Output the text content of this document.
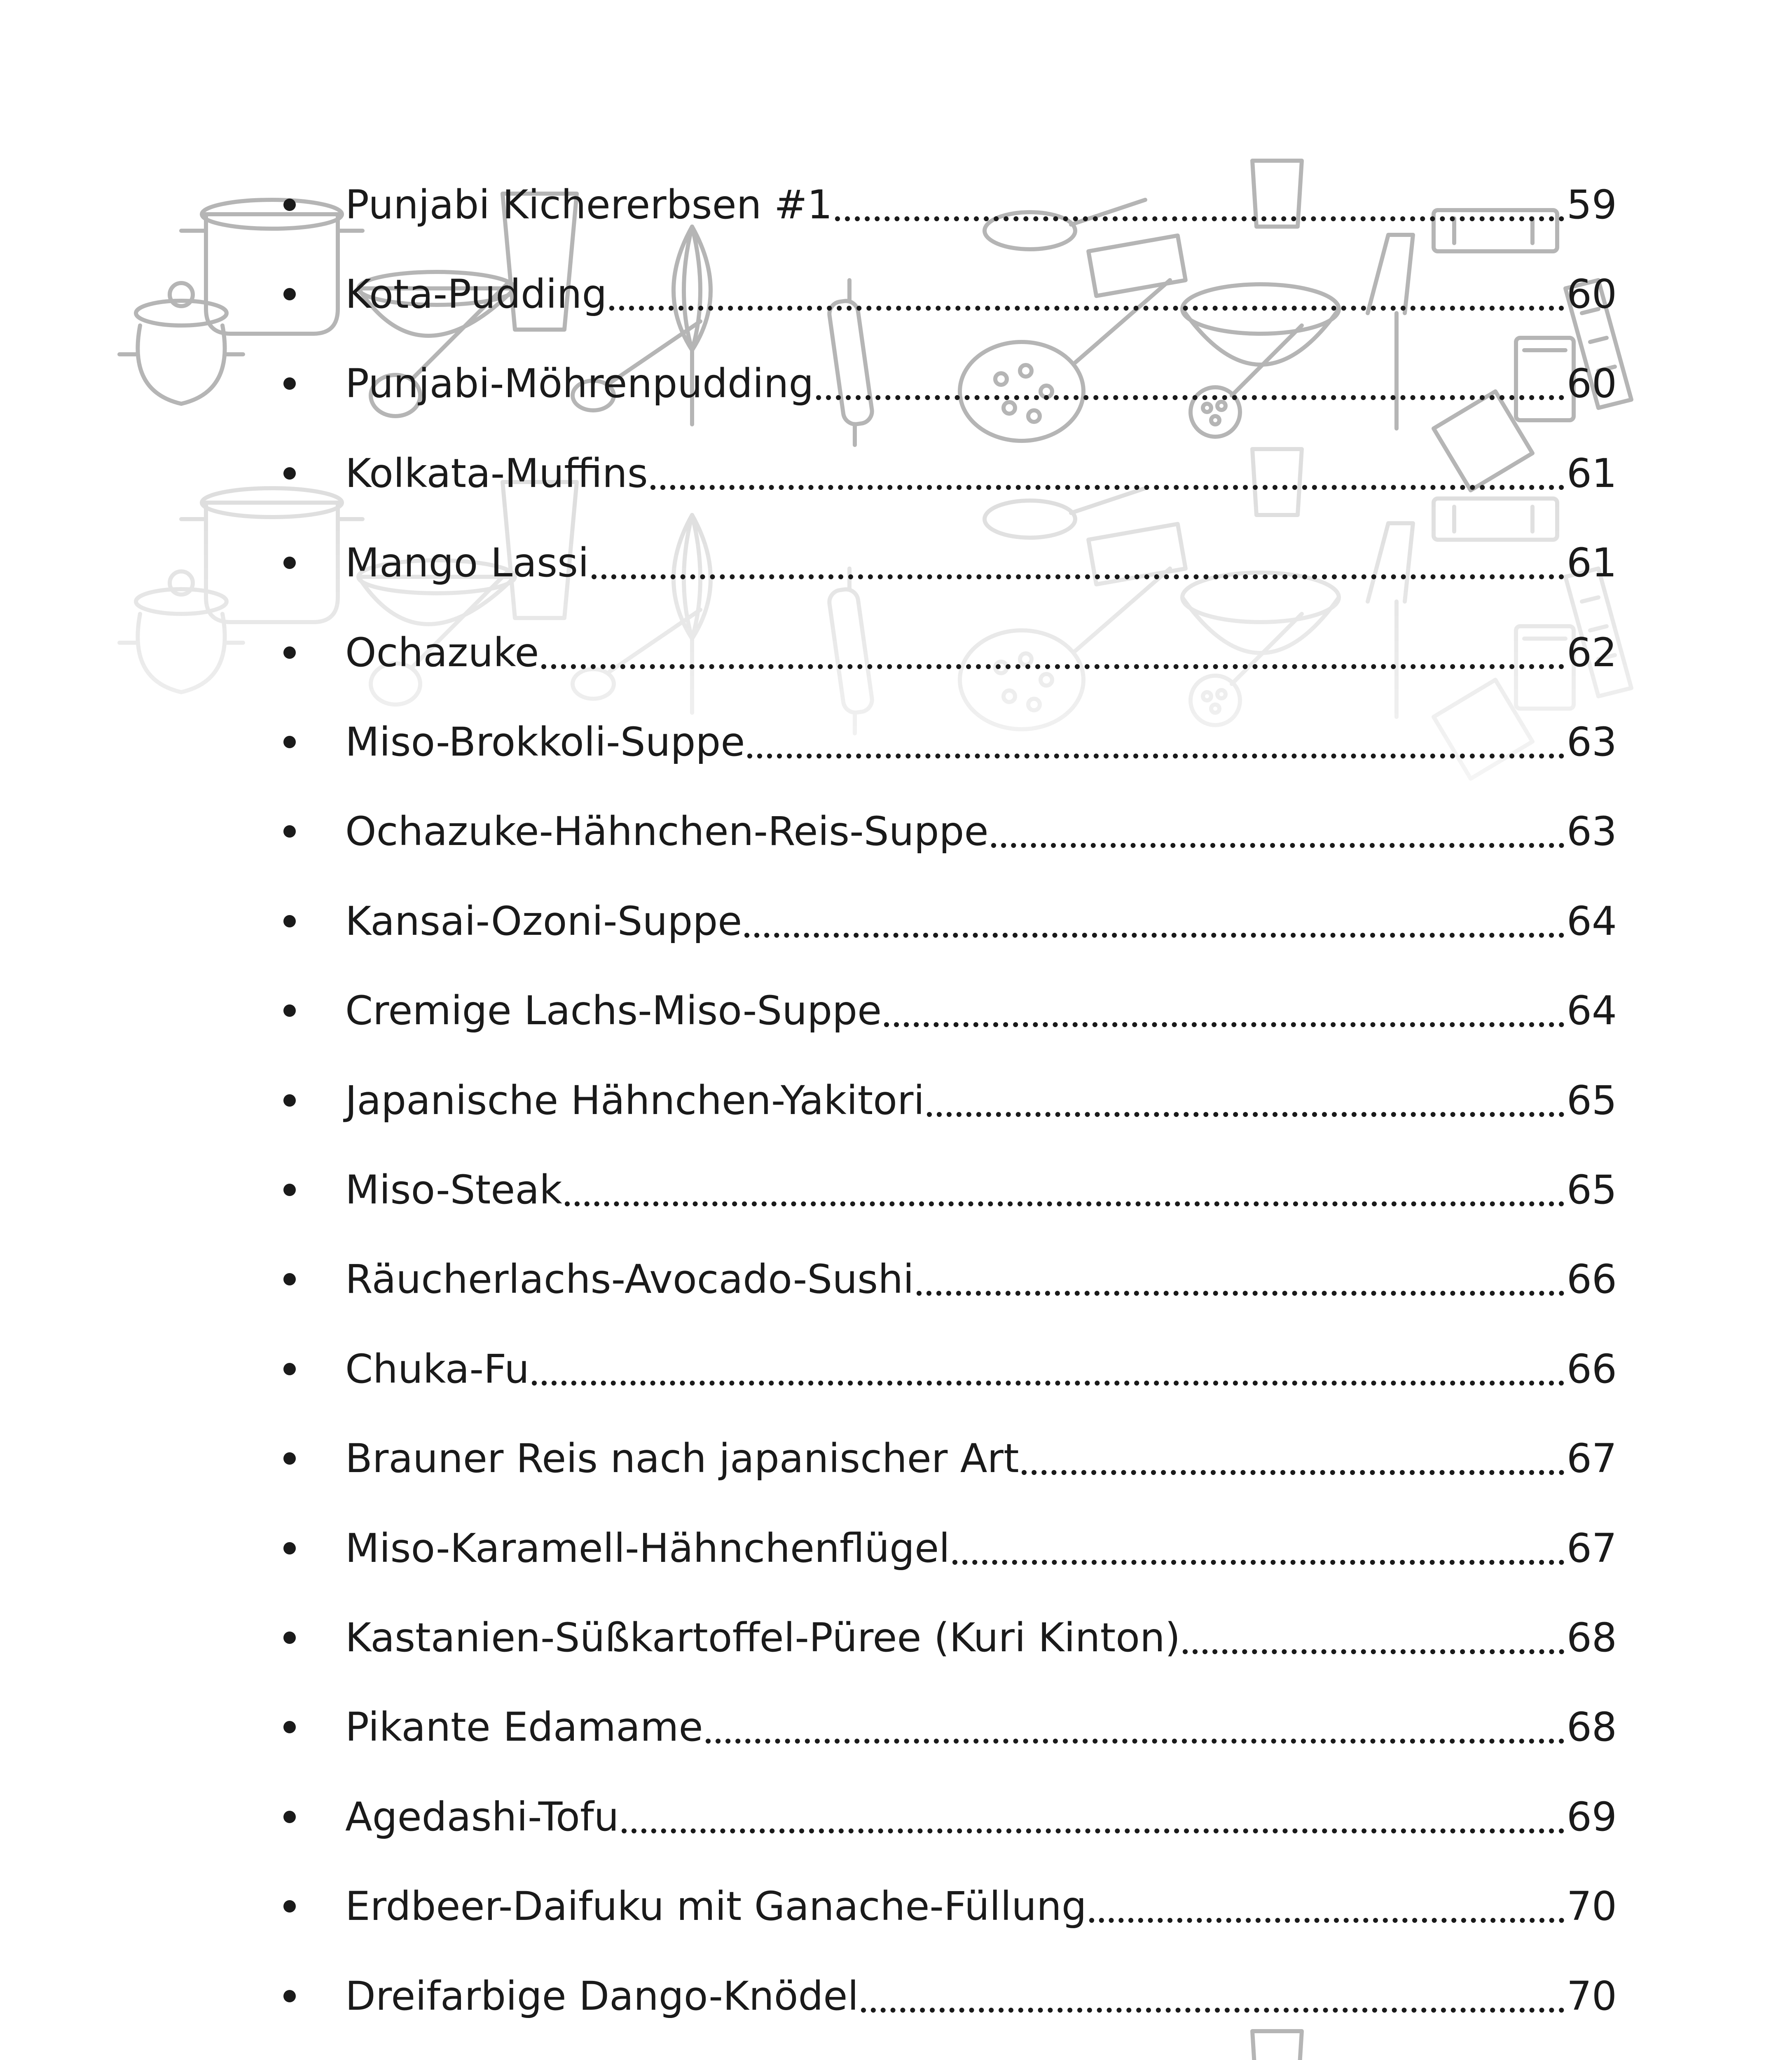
Punjabi Kichererbsen #1	59
Kota-Pudding	60
Punjabi-Möhrenpudding	60
Kolkata-Muffins	61
Mango Lassi	61
Ochazuke	62
Miso-Brokkoli-Suppe	63
Ochazuke-Hähnchen-Reis-Suppe	63
Kansai-Ozoni-Suppe	64
Cremige Lachs-Miso-Suppe	64
Japanische Hähnchen-Yakitori	65
Miso-Steak	65
Räucherlachs-Avocado-Sushi	66
Chuka-Fu	66
Brauner Reis nach japanischer Art	67
Miso-Karamell-Hähnchenflügel	67
Kastanien-Süßkartoffel-Püree (Kuri Kinton)	68
Pikante Edamame	68
Agedashi-Tofu	69
Erdbeer-Daifuku mit Ganache-Füllung	70
Dreifarbige Dango-Knödel	70
